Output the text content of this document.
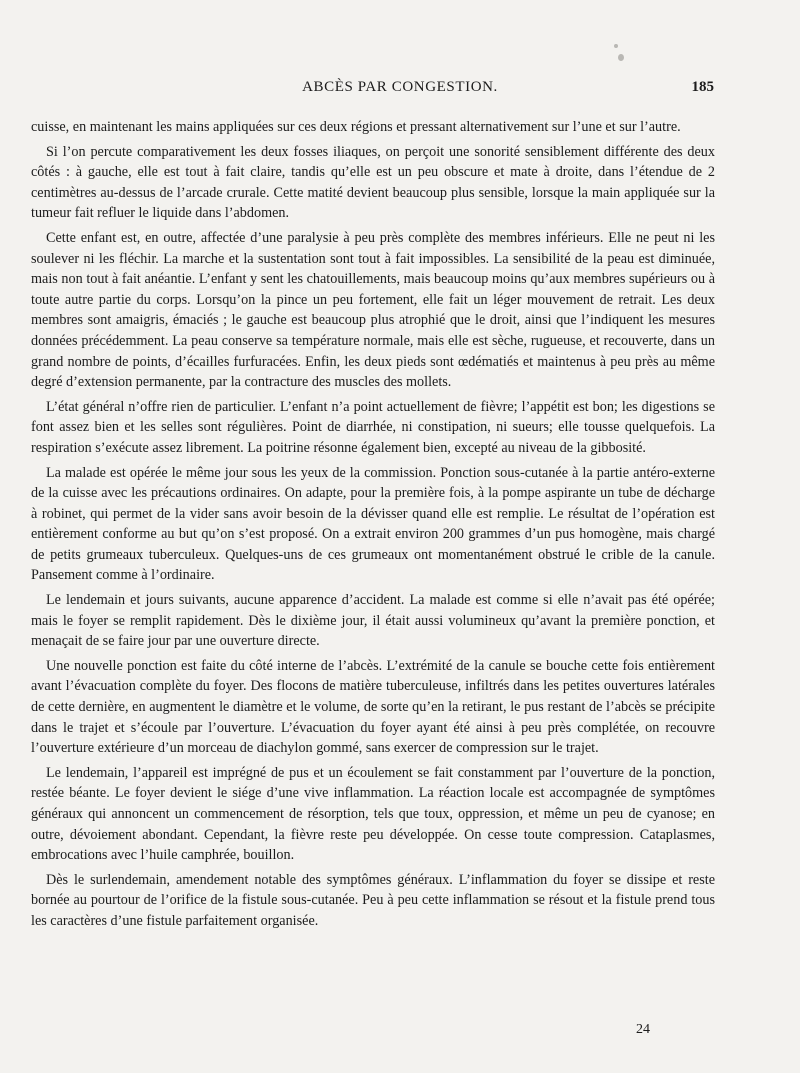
ABCÈS PAR CONGESTION.	185

cuisse, en maintenant les mains appliquées sur ces deux régions et pressant alternativement sur l’une et sur l’autre.

Si l’on percute comparativement les deux fosses iliaques, on perçoit une sonorité sensiblement différente des deux côtés : à gauche, elle est tout à fait claire, tandis qu’elle est un peu obscure et mate à droite, dans l’étendue de 2 centimètres au-dessus de l’arcade crurale. Cette matité devient beaucoup plus sensible, lorsque la main appliquée sur la tumeur fait refluer le liquide dans l’abdomen.

Cette enfant est, en outre, affectée d’une paralysie à peu près complète des membres inférieurs. Elle ne peut ni les soulever ni les fléchir. La marche et la sustentation sont tout à fait impossibles. La sensibilité de la peau est diminuée, mais non tout à fait anéantie. L’enfant y sent les chatouillements, mais beaucoup moins qu’aux membres supérieurs ou à toute autre partie du corps. Lorsqu’on la pince un peu fortement, elle fait un léger mouvement de retrait. Les deux membres sont amaigris, émaciés ; le gauche est beaucoup plus atrophié que le droit, ainsi que l’indiquent les mesures données précédemment. La peau conserve sa température normale, mais elle est sèche, rugueuse, et recouverte, dans un grand nombre de points, d’écailles furfuracées. Enfin, les deux pieds sont œdématiés et maintenus à peu près au même degré d’extension permanente, par la contracture des muscles des mollets.

L’état général n’offre rien de particulier. L’enfant n’a point actuellement de fièvre; l’appétit est bon; les digestions se font assez bien et les selles sont régulières. Point de diarrhée, ni constipation, ni sueurs; elle tousse quelquefois. La respiration s’exécute assez librement. La poitrine résonne également bien, excepté au niveau de la gibbosité.

La malade est opérée le même jour sous les yeux de la commission. Ponction sous-cutanée à la partie antéro-externe de la cuisse avec les précautions ordinaires. On adapte, pour la première fois, à la pompe aspirante un tube de décharge à robinet, qui permet de la vider sans avoir besoin de la dévisser quand elle est remplie. Le résultat de l’opération est entièrement conforme au but qu’on s’est proposé. On a extrait environ 200 grammes d’un pus homogène, mais chargé de petits grumeaux tuberculeux. Quelques-uns de ces grumeaux ont momentanément obstrué le crible de la canule. Pansement comme à l’ordinaire.

Le lendemain et jours suivants, aucune apparence d’accident. La malade est comme si elle n’avait pas été opérée; mais le foyer se remplit rapidement. Dès le dixième jour, il était aussi volumineux qu’avant la première ponction, et menaçait de se faire jour par une ouverture directe.

Une nouvelle ponction est faite du côté interne de l’abcès. L’extrémité de la canule se bouche cette fois entièrement avant l’évacuation complète du foyer. Des flocons de matière tuberculeuse, infiltrés dans les petites ouvertures latérales de cette dernière, en augmentent le diamètre et le volume, de sorte qu’en la retirant, le pus restant de l’abcès se précipite dans le trajet et s’écoule par l’ouverture. L’évacuation du foyer ayant été ainsi à peu près complétée, on recouvre l’ouverture extérieure d’un morceau de diachylon gommé, sans exercer de compression sur le trajet.

Le lendemain, l’appareil est imprégné de pus et un écoulement se fait constamment par l’ouverture de la ponction, restée béante. Le foyer devient le siége d’une vive inflammation. La réaction locale est accompagnée de symptômes généraux qui annoncent un commencement de résorption, tels que toux, oppression, et même un peu de cyanose; en outre, dévoiement abondant. Cependant, la fièvre reste peu développée. On cesse toute compression. Cataplasmes, embrocations avec l’huile camphrée, bouillon.

Dès le surlendemain, amendement notable des symptômes généraux. L’inflammation du foyer se dissipe et reste bornée au pourtour de l’orifice de la fistule sous-cutanée. Peu à peu cette inflammation se résout et la fistule prend tous les caractères d’une fistule parfaitement organisée.

24
